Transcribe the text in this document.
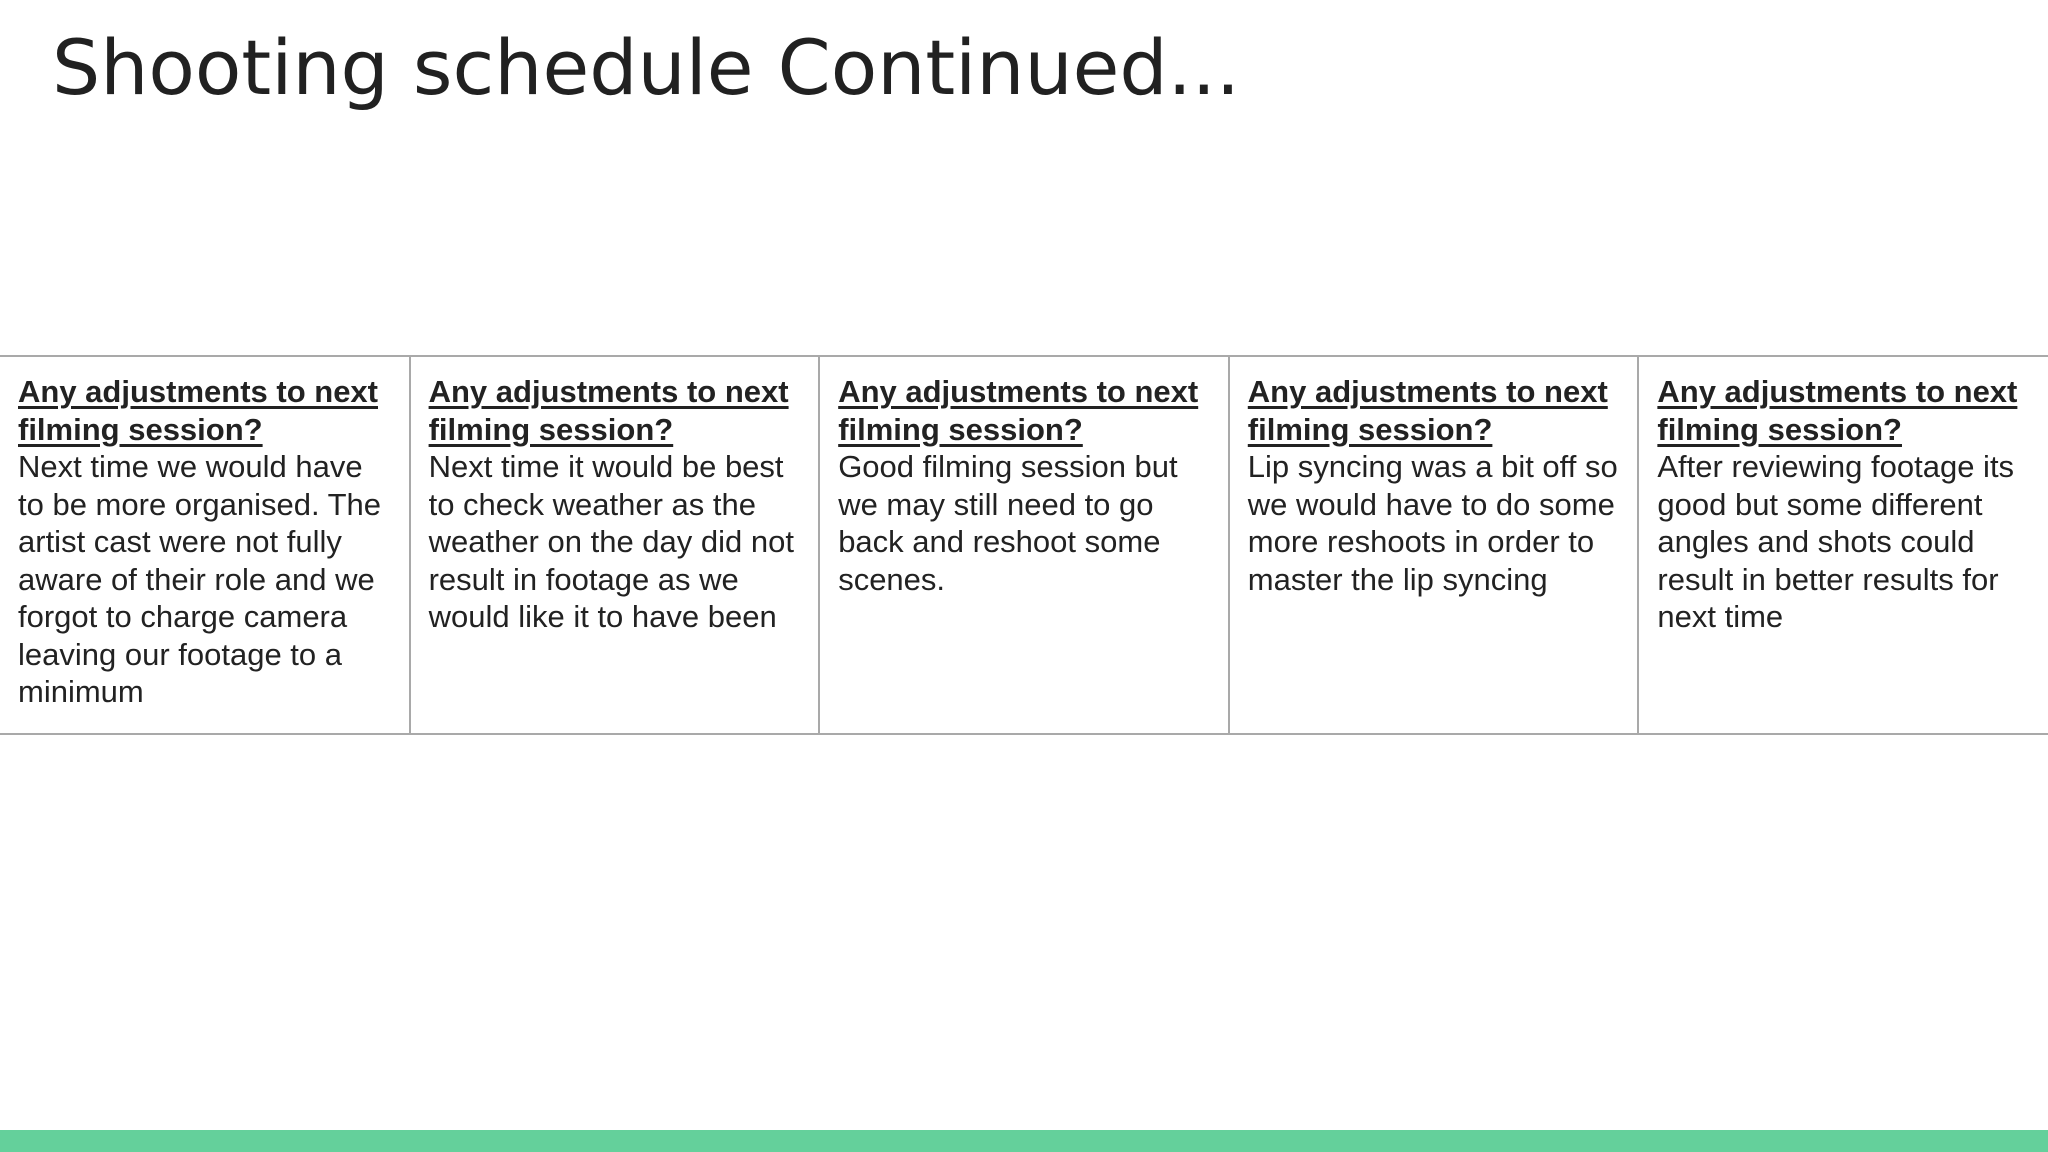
Shooting schedule Continued...
Any adjustments to next filming session?
Next time we would have to be more organised. The artist cast were not fully aware of their role and we forgot to charge camera leaving our footage to a minimum

Any adjustments to next filming session?
Next time it would be best to check weather as the weather on the day did not result in footage as we would like it to have been

Any adjustments to next filming session?
Good filming session but we may still need to go back and reshoot some scenes.

Any adjustments to next filming session?
Lip syncing was a bit off so we would have to do some more reshoots in order to master the lip syncing

Any adjustments to next filming session?
After reviewing footage its good but some different angles and shots could result in better results for next time
